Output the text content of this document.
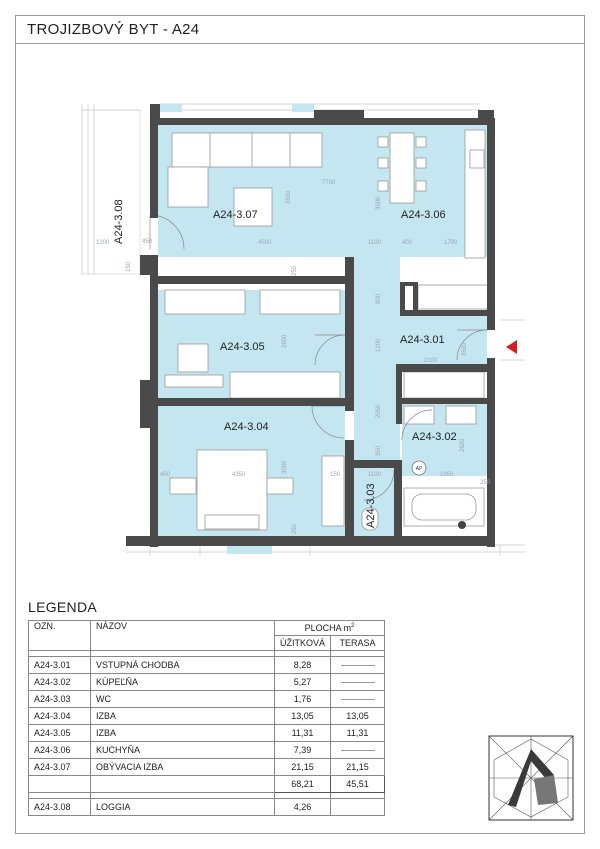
TROJIZBOVÝ BYT - A24
AP
7700
4500	1100	400	1700
3500	3500
1200	450
2100
1200
900
2600
2050
1100	1950
2620
4350
450
3000
150
150	250
250
250
350
3560
A24-3.07	A24-3.06
A24-3.01
A24-3.05
A24-3.04
A24-3.02
A24-3.03
A24-3.08
LEGENDA
OZN.	NÁZOV	PLOCHA $m^2$
		ÚŽITKOVÁ	TERASA

A24-3.01	VSTUPNÁ CHODBA	8,28	
A24-3.02	KÚPEĽŇA	5,27	
A24-3.03	WC	1,76	
A24-3.04	IZBA	13,05	13,05
A24-3.05	IZBA	11,31	11,31
A24-3.06	KUCHYŇA	7,39	
A24-3.07	OBÝVACIA IZBA	21,15	21,15
		68,21	45,51

A24-3.08	LOGGIA	4,26	
